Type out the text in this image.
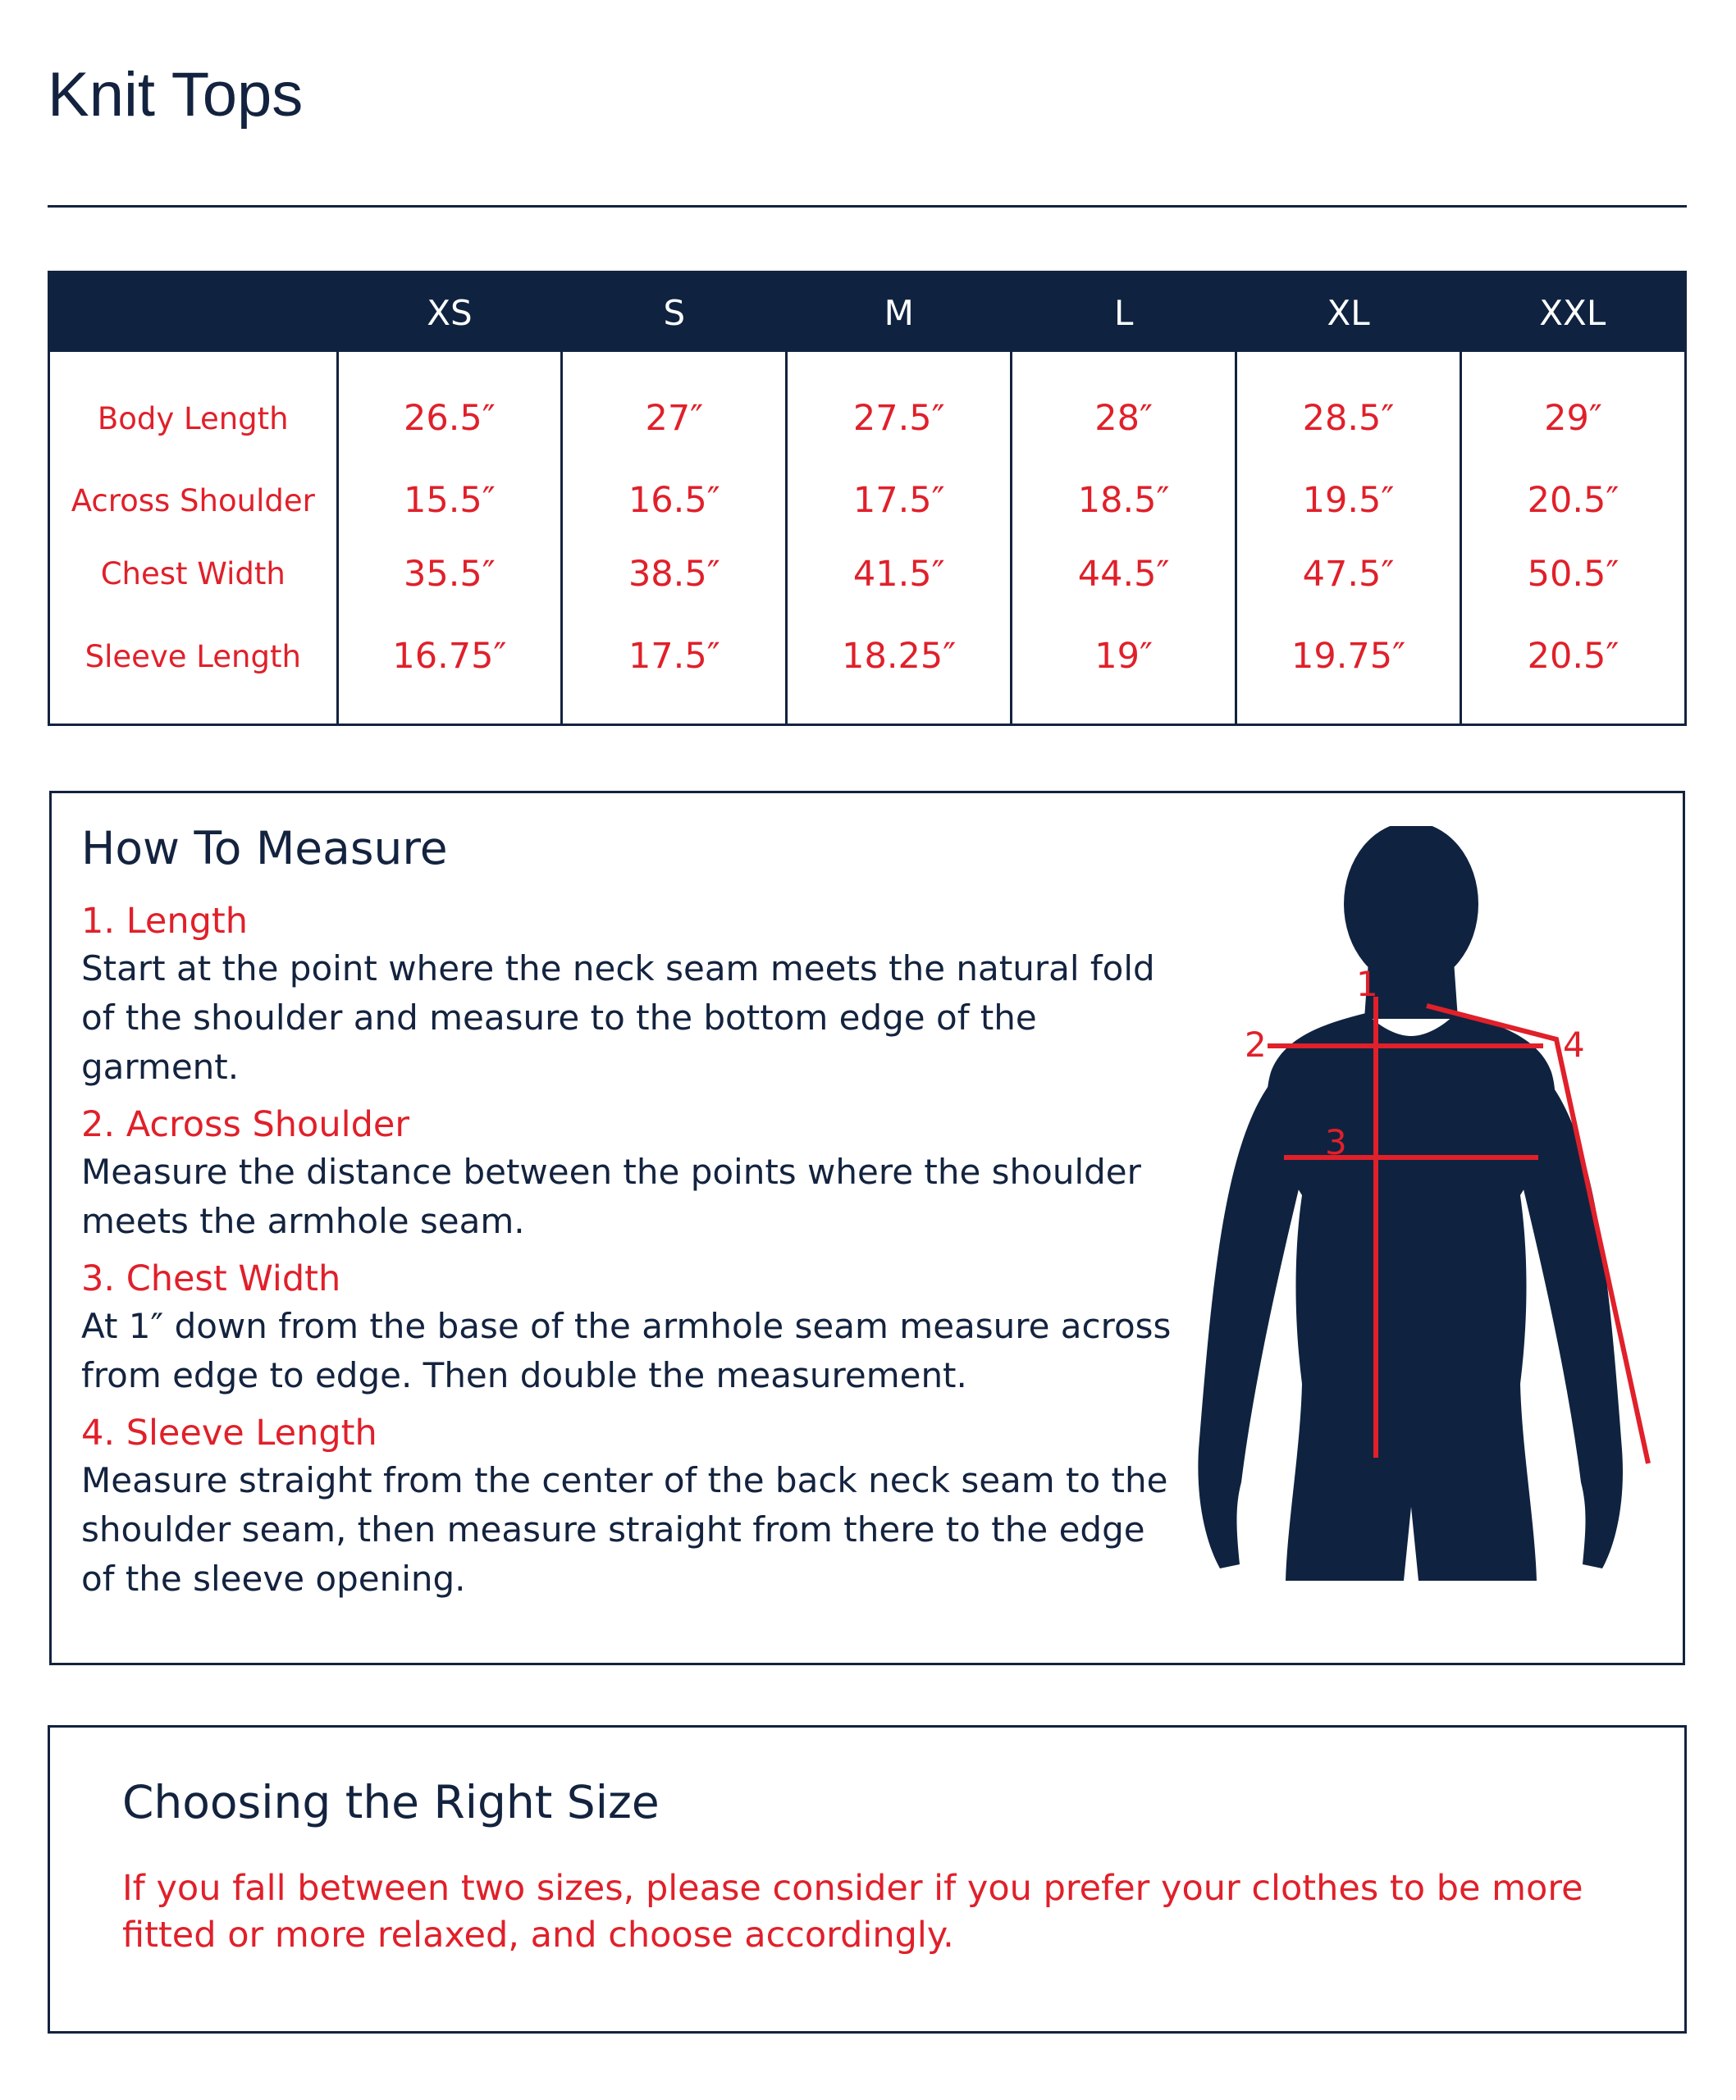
Knit Tops
	XS	S	M	L	XL	XXL
Body Length	26.5″	27″	27.5″	28″	28.5″	29″
Across Shoulder	15.5″	16.5″	17.5″	18.5″	19.5″	20.5″
Chest Width	35.5″	38.5″	41.5″	44.5″	47.5″	50.5″
Sleeve Length	16.75″	17.5″	18.25″	19″	19.75″	20.5″
How To Measure
1. Length
Start at the point where the neck seam meets the natural fold of the shoulder and measure to the bottom edge of the garment.
2. Across Shoulder
Measure the distance between the points where the shoulder meets the armhole seam.
3. Chest Width
At 1″ down from the base of the armhole seam measure across from edge to edge. Then double the measurement.
4. Sleeve Length
Measure straight from the center of the back neck seam to the shoulder seam, then measure straight from there to the edge of the sleeve opening.
1
2
3
4
Choosing the Right Size
If you fall between two sizes, please consider if you prefer your clothes to be more fitted or more relaxed, and choose accordingly.
